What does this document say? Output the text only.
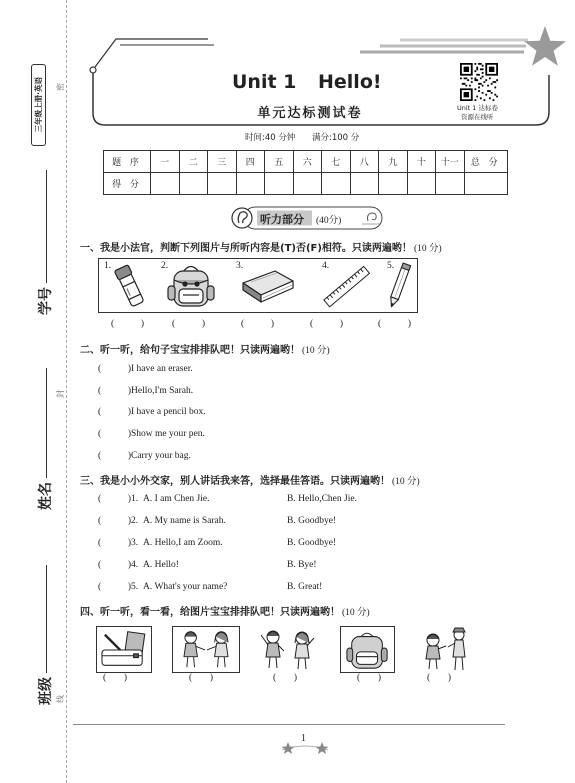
三年级上册·英语 密
封
线
学号
姓名
班级
Unit 1 Hello!
单元达标测试卷	Unit 1 达标卷
资源在线听
时间:40 分钟 满分:100 分
题 序	一	二	三	四	五	六	七	八	九	十	十一	总 分
得 分												
听力部分 (40分)
一、我是小法官，判断下列图片与所听内容是(T)否(F)相符。只读两遍哟！ (10 分)
1.	2.	3.	4.	5.
(	)	(	)	(	)	(	)	(	)
二、听一听，给句子宝宝排排队吧！只读两遍哟！ (10 分)
(	) I have an eraser.
(	) Hello,I'm Sarah.
(	) I have a pencil box.
(	) Show me your pen.
(	) Carry your bag.
三、我是小小外交家，别人讲话我来答，选择最佳答语。只读两遍哟！ (10 分)
(	) 1. A. I am Chen Jie.	B. Hello,Chen Jie.
(	) 2. A. My name is Sarah.	B. Goodbye!
(	) 3. A. Hello,I am Zoom.	B. Goodbye!
(	) 4. A. Hello!	B. Bye!
(	) 5. A. What's your name?	B. Great!
四、听一听，看一看，给图片宝宝排排队吧！只读两遍哟！ (10 分)
( )	( )	( )	( )	( )
1
